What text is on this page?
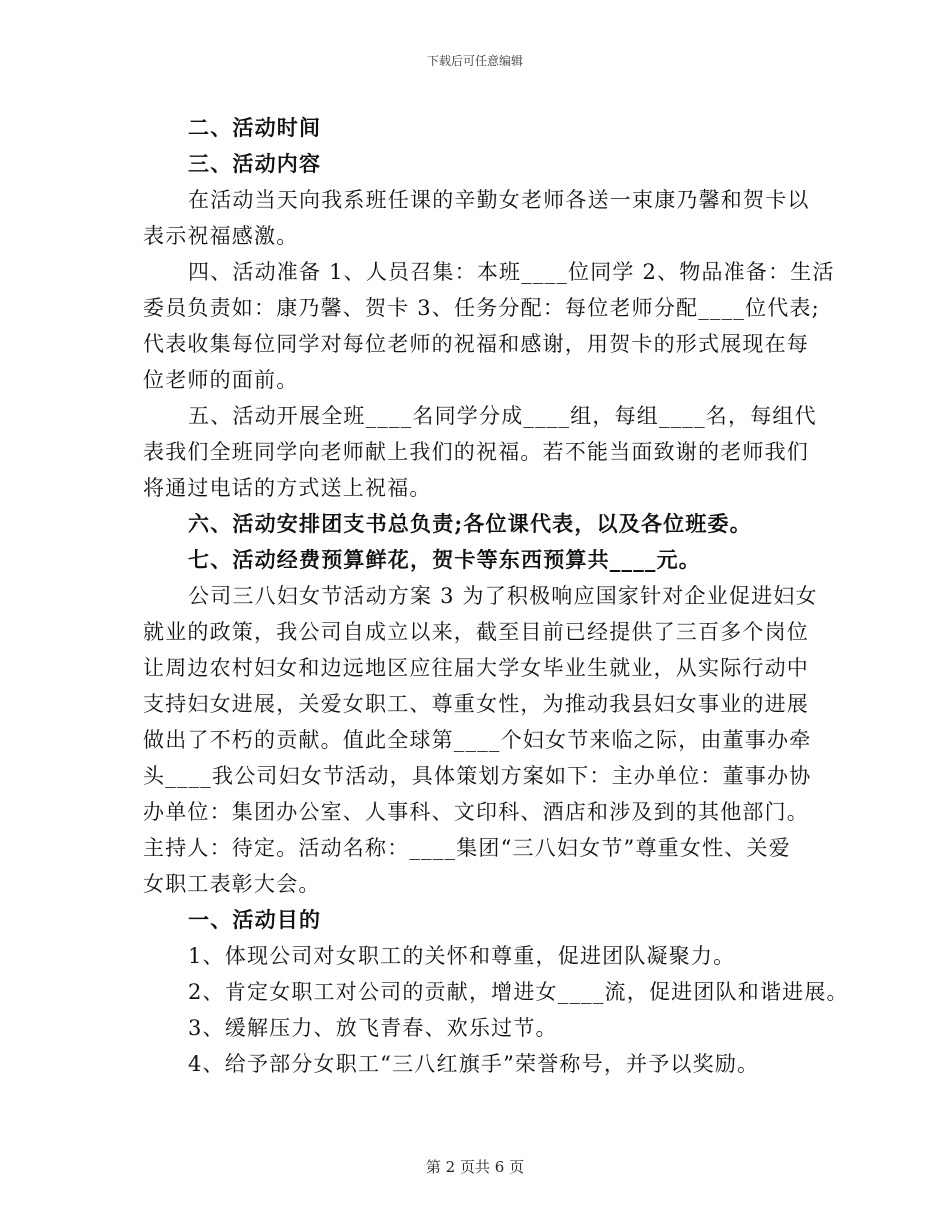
下载后可任意编辑
二、活动时间
三、活动内容
在活动当天向我系班任课的辛勤女老师各送一束康乃馨和贺卡以
表示祝福感激。
四、活动准备 1、人员召集：本班____位同学 2、物品准备：生活
委员负责如：康乃馨、贺卡 3、任务分配：每位老师分配____位代表;
代表收集每位同学对每位老师的祝福和感谢，用贺卡的形式展现在每
位老师的面前。
五、活动开展全班____名同学分成____组，每组____名，每组代
表我们全班同学向老师献上我们的祝福。若不能当面致谢的老师我们
将通过电话的方式送上祝福。
六、活动安排团支书总负责;各位课代表，以及各位班委。
七、活动经费预算鲜花，贺卡等东西预算共____元。
公司三八妇女节活动方案 3 为了积极响应国家针对企业促进妇女
就业的政策，我公司自成立以来，截至目前已经提供了三百多个岗位
让周边农村妇女和边远地区应往届大学女毕业生就业，从实际行动中
支持妇女进展，关爱女职工、尊重女性，为推动我县妇女事业的进展
做出了不朽的贡献。值此全球第____个妇女节来临之际，由董事办牵
头____我公司妇女节活动，具体策划方案如下：主办单位：董事办协
办单位：集团办公室、人事科、文印科、酒店和涉及到的其他部门。
主持人：待定。活动名称：____集团“三八妇女节”尊重女性、关爱
女职工表彰大会。
一、活动目的
1、体现公司对女职工的关怀和尊重，促进团队凝聚力。
2、肯定女职工对公司的贡献，增进女____流，促进团队和谐进展。
3、缓解压力、放飞青春、欢乐过节。
4、给予部分女职工“三八红旗手”荣誉称号，并予以奖励。
第 2 页共 6 页
